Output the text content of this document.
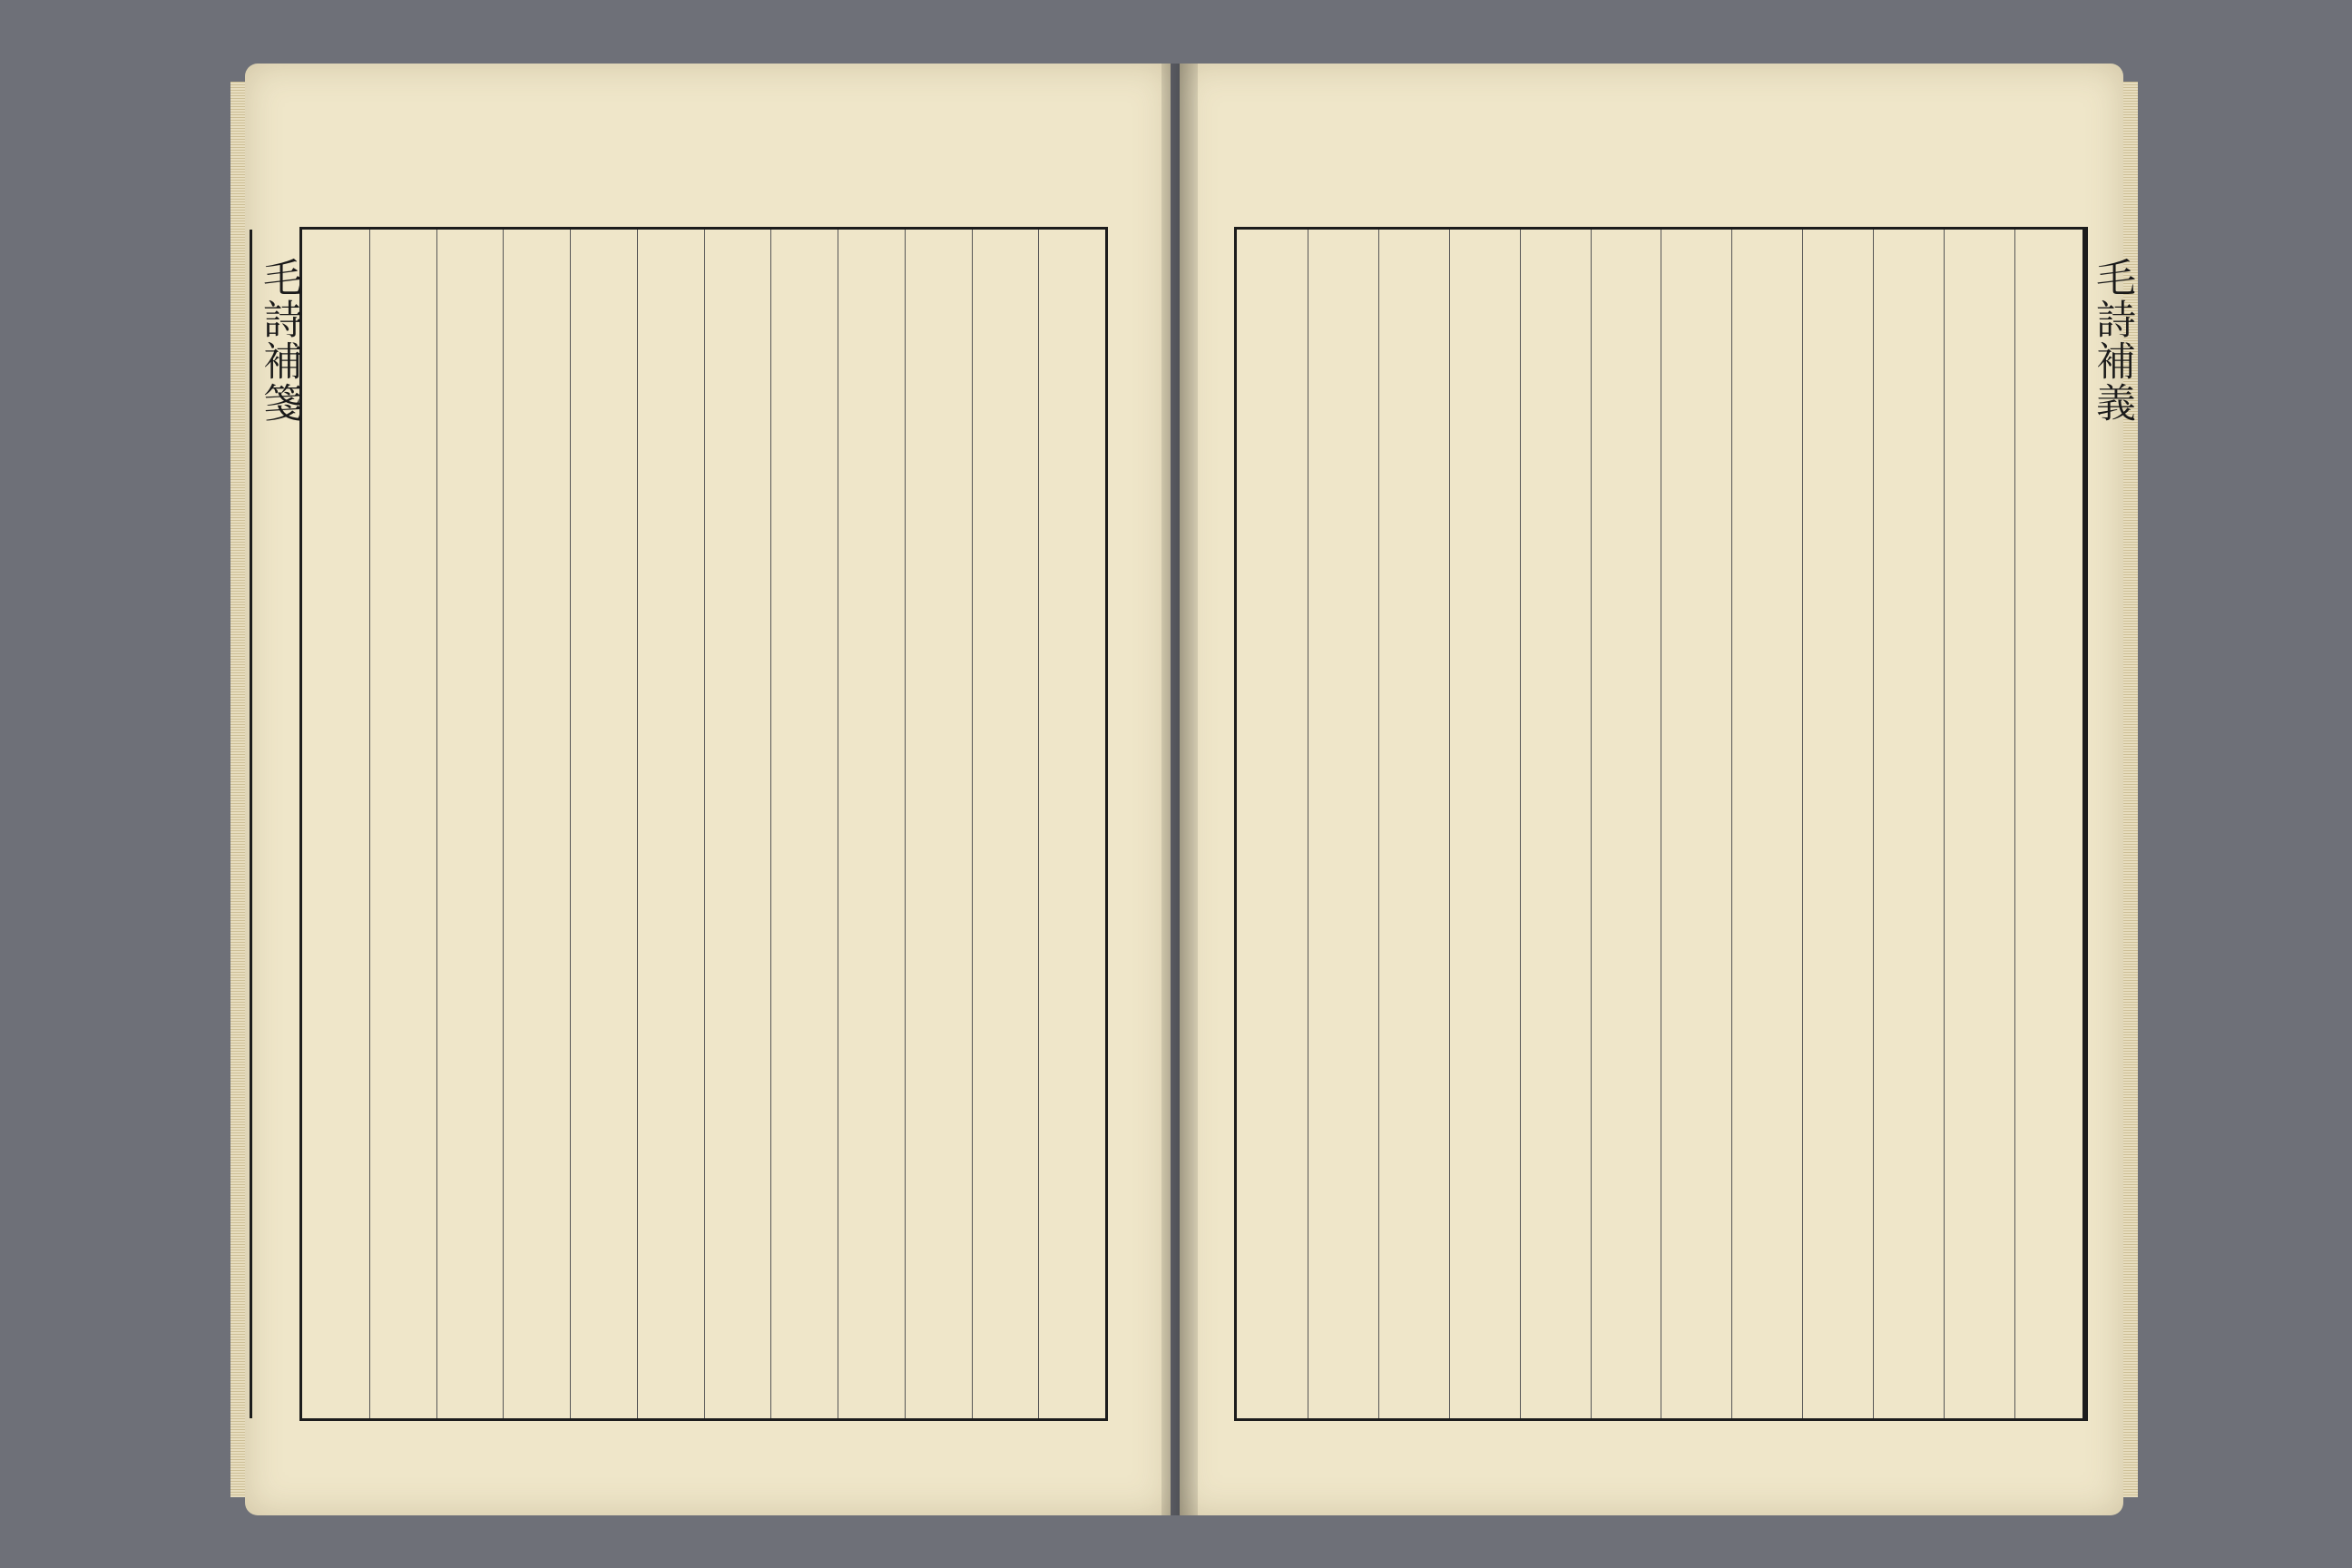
毛詩補箋	毛詩補義
